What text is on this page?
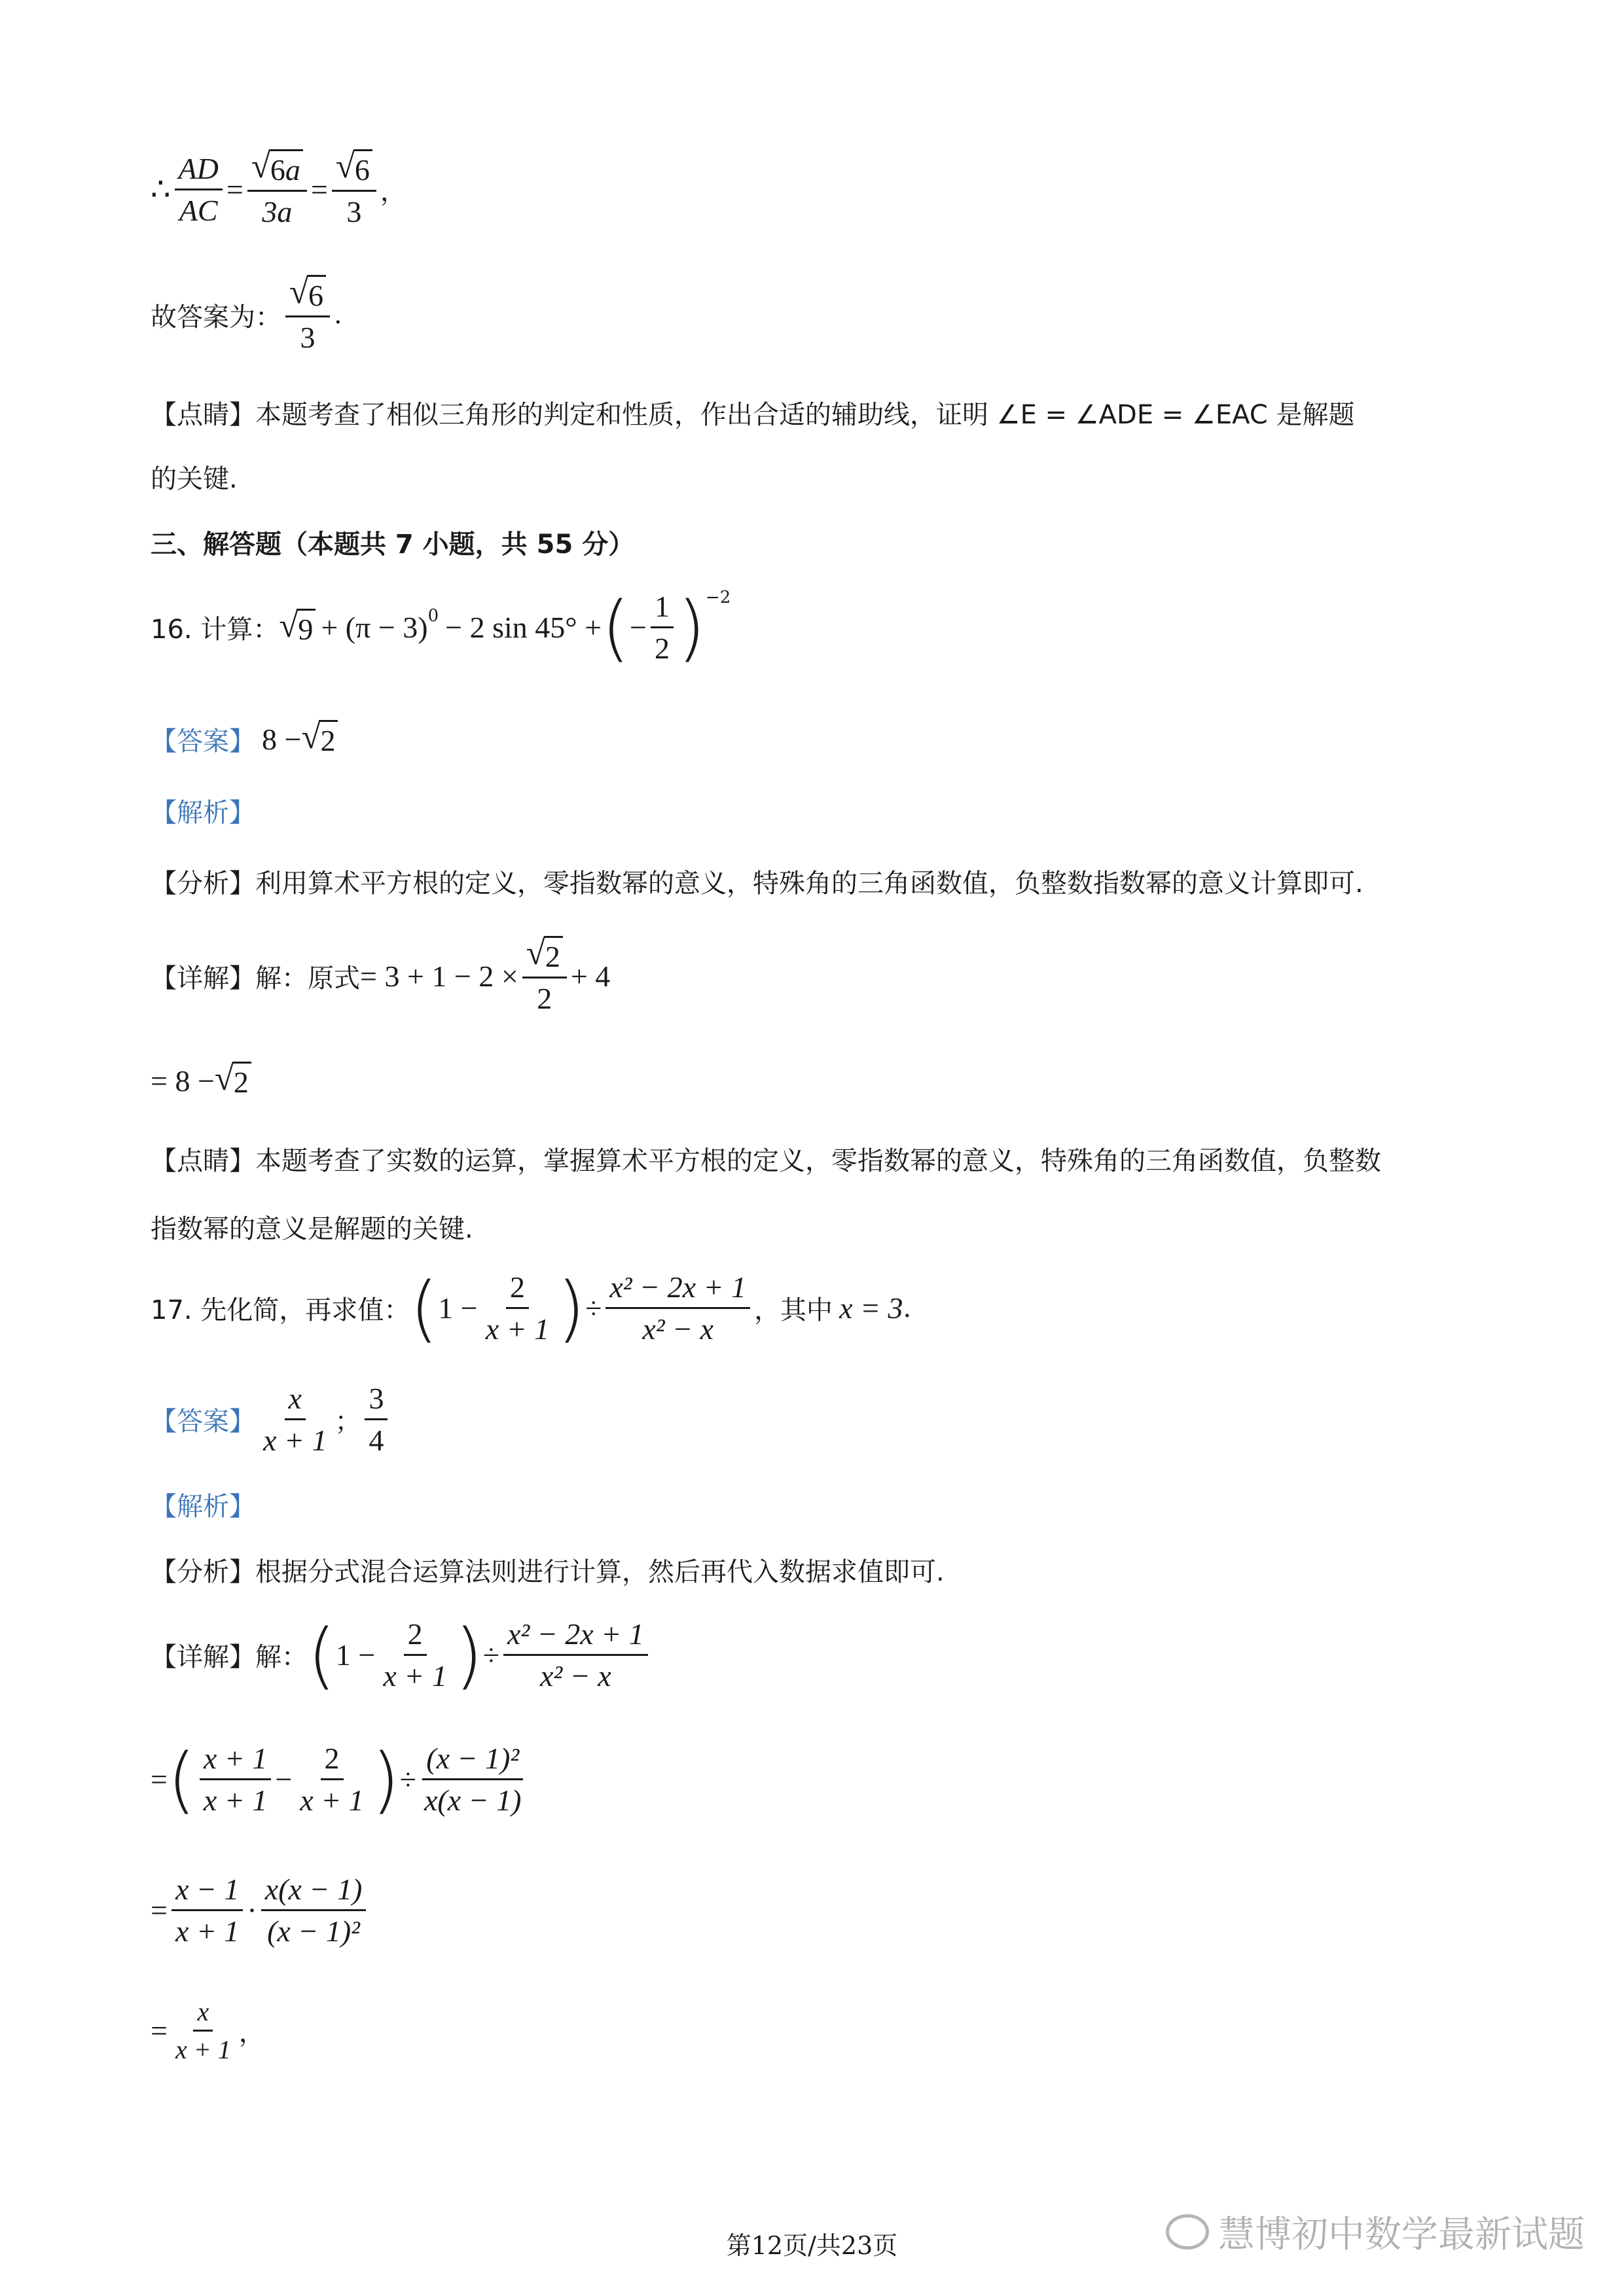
∴ $\frac{AD}{AC} = \frac{√ 6a}{3a} = \frac{√ 6}{3}$ ，
故答案为： $\frac{√ 6}{3}$ .
【点睛】本题考查了相似三角形的判定和性质，作出合适的辅助线，证明 ∠E = ∠ADE = ∠EAC 是解题
的关键.
三、解答题（本题共 7 小题，共 55 分）
16. 计算： √ 9 + (π − 3) 0 − 2 sin 45° + ( − $\frac{1}{2}$ ) −2
【答案】 8 − √ 2
【解析】
【分析】利用算术平方根的定义，零指数幂的意义，特殊角的三角函数值，负整数指数幂的意义计算即可.
【详解】解：原式 = $3 + 1 - 2 \times \frac{√ 2}{2} + 4$
= 8 − √ 2
【点睛】本题考查了实数的运算，掌握算术平方根的定义，零指数幂的意义，特殊角的三角函数值，负整数
指数幂的意义是解题的关键.
17. 先化简，再求值： ( $1 - \frac{2}{x + 1}$ ) ÷ $\frac{\text{x² − 2x + 1}}{\text{x² − x}}$ ，其中 x = 3 .
【答案】 $\frac{x}{x + 1}$ ； $\frac{3}{4}$
【解析】
【分析】根据分式混合运算法则进行计算，然后再代入数据求值即可.
【详解】解： ( $1 - \frac{2}{x + 1}$ ) ÷ $\frac{\text{x² − 2x + 1}}{\text{x² − x}}$
= ( $\frac{x + 1}{x + 1} - \frac{2}{x + 1}$ ) ÷ $\frac{\text{(x − 1)²}}{x(x - 1)}$
= $\frac{x - 1}{x + 1} \cdot \frac{x(x - 1)}{\text{(x − 1)²}}$
= $\frac{x}{x + 1}$ ，
第12页/共23页	慧博初中数学最新试题
